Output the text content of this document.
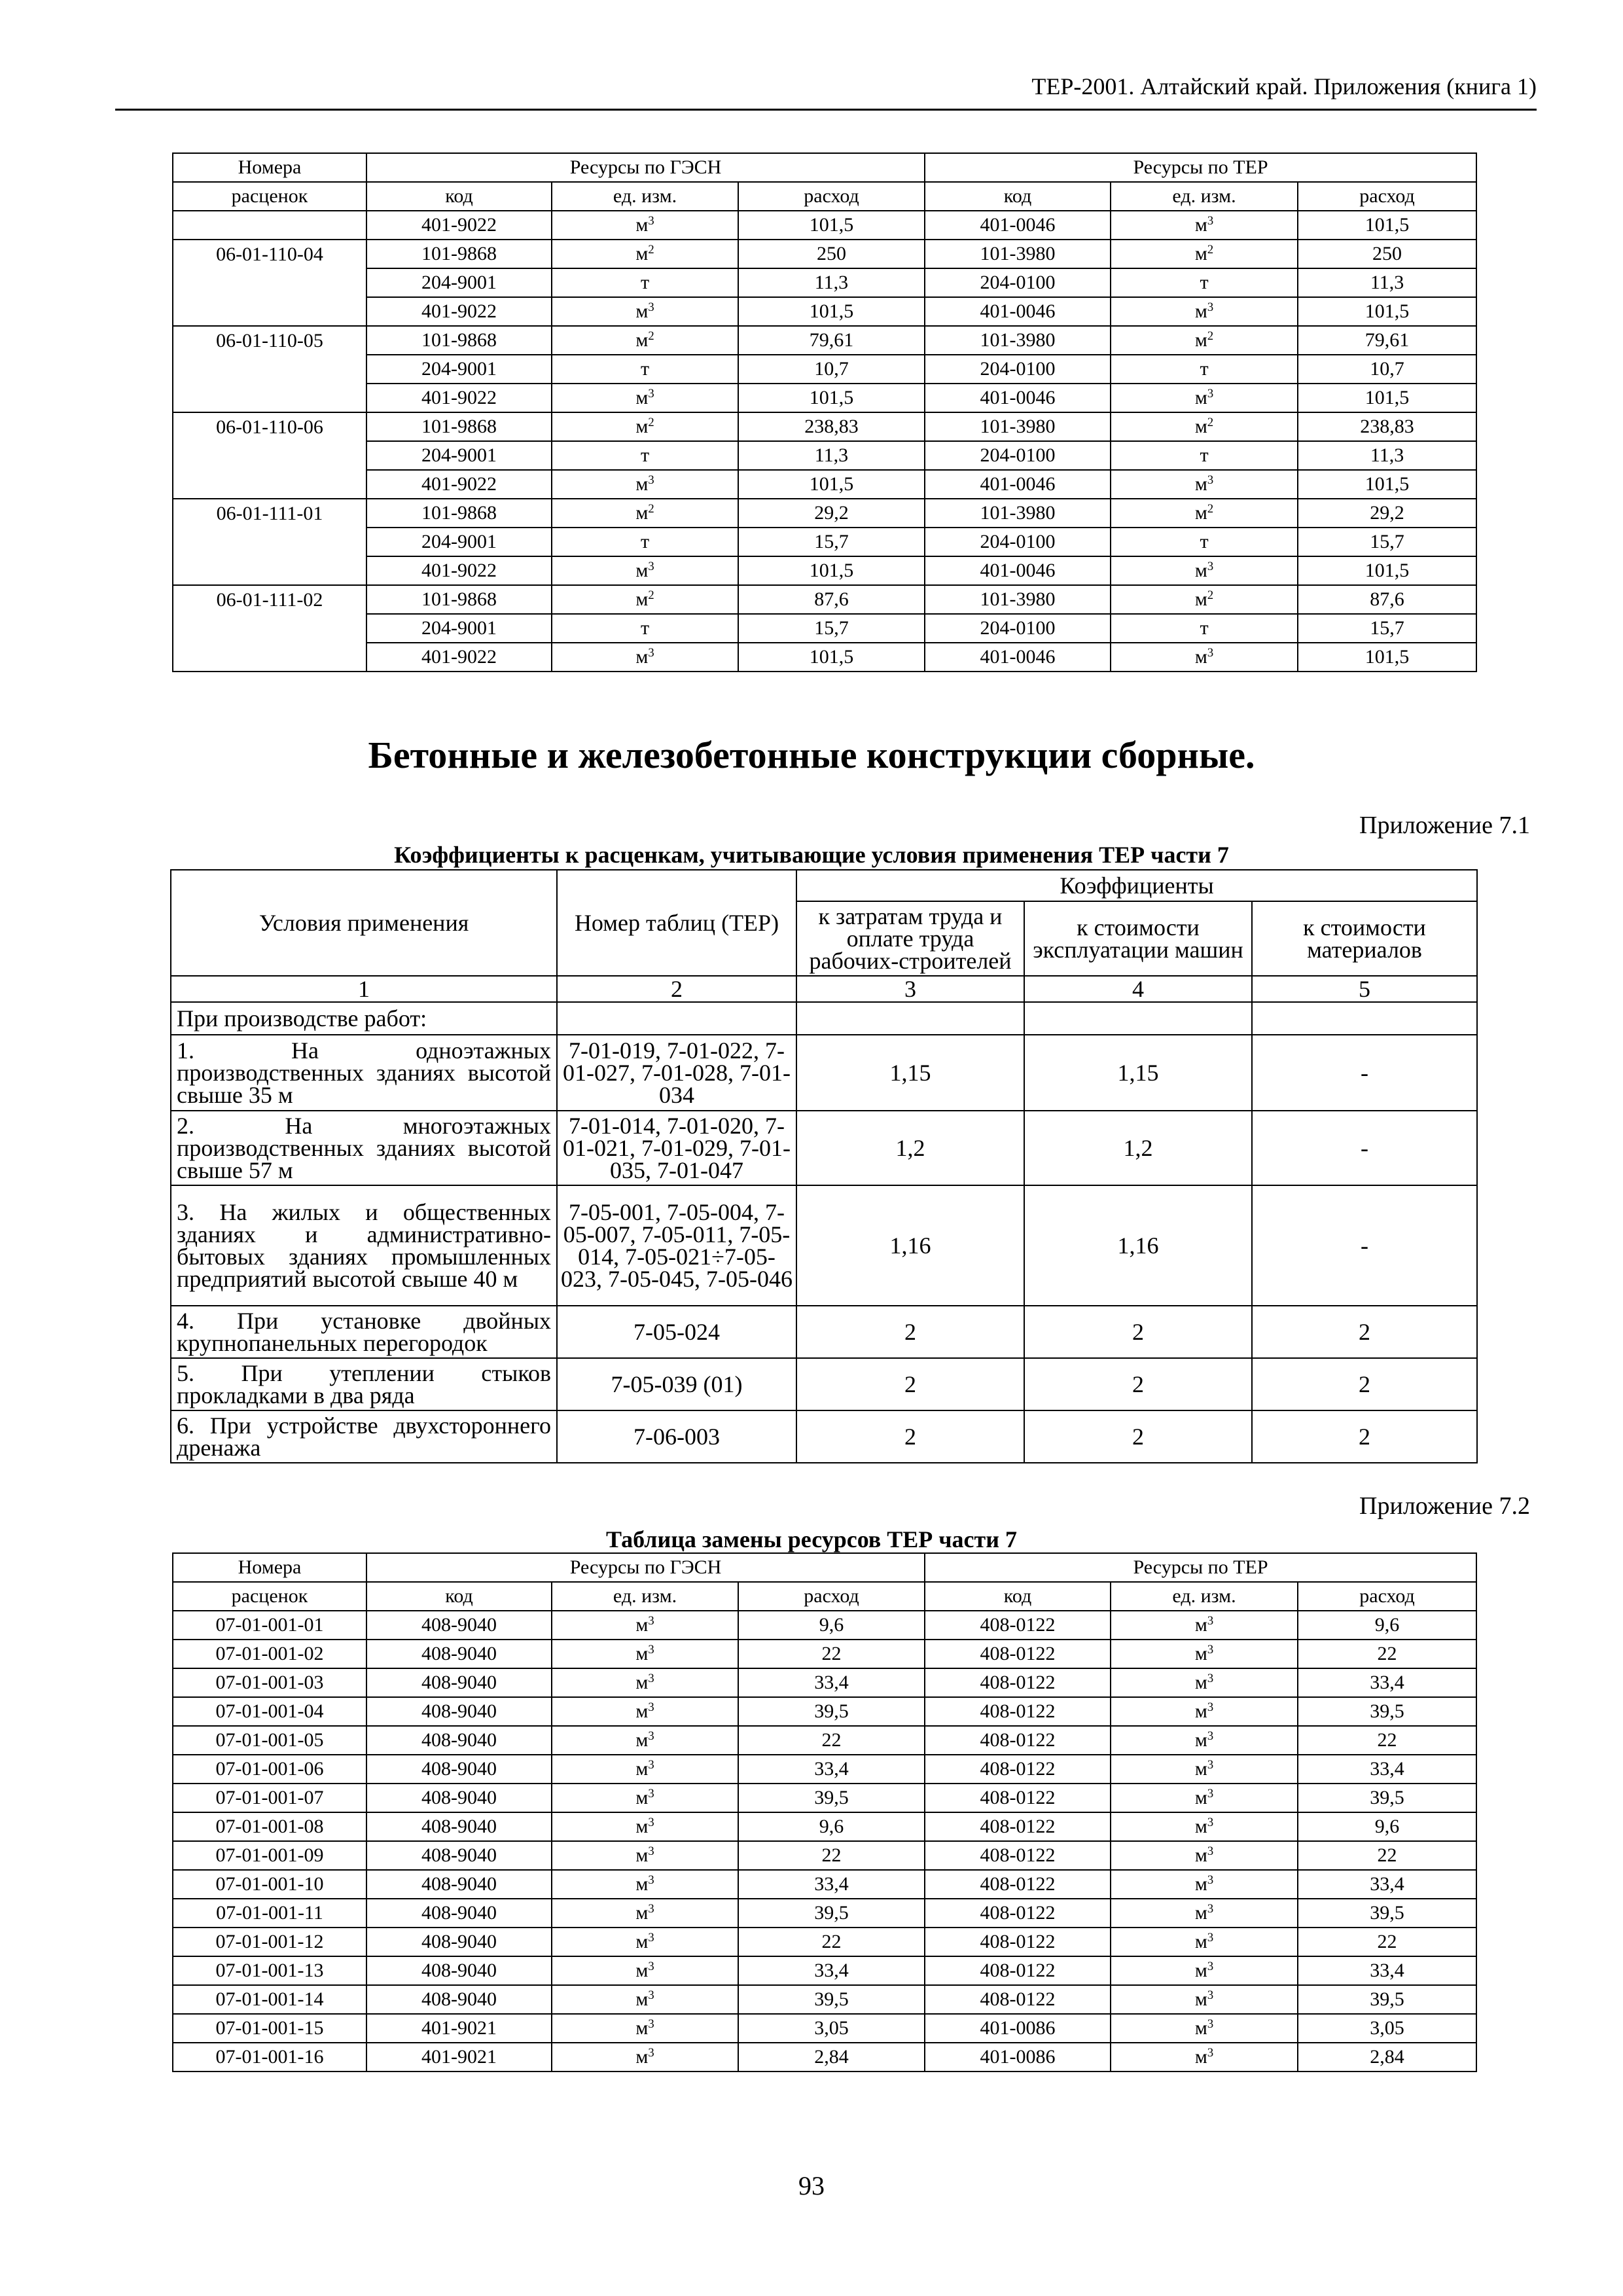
ТЕР-2001. Алтайский край. Приложения (книга 1)
Номера	Ресурсы по ГЭСН			Ресурсы по ТЕР		
расценок	код	ед. изм.	расход	код	ед. изм.	расход
	401-9022	$м^3$	101,5	401-0046	$м^3$	101,5
06-01-110-04	101-9868	$м^2$	250	101-3980	$м^2$	250
	204-9001	т	11,3	204-0100	т	11,3
	401-9022	$м^3$	101,5	401-0046	$м^3$	101,5
06-01-110-05	101-9868	$м^2$	79,61	101-3980	$м^2$	79,61
	204-9001	т	10,7	204-0100	т	10,7
	401-9022	$м^3$	101,5	401-0046	$м^3$	101,5
06-01-110-06	101-9868	$м^2$	238,83	101-3980	$м^2$	238,83
	204-9001	т	11,3	204-0100	т	11,3
	401-9022	$м^3$	101,5	401-0046	$м^3$	101,5
06-01-111-01	101-9868	$м^2$	29,2	101-3980	$м^2$	29,2
	204-9001	т	15,7	204-0100	т	15,7
	401-9022	$м^3$	101,5	401-0046	$м^3$	101,5
06-01-111-02	101-9868	$м^2$	87,6	101-3980	$м^2$	87,6
	204-9001	т	15,7	204-0100	т	15,7
	401-9022	$м^3$	101,5	401-0046	$м^3$	101,5
Бетонные и железобетонные конструкции сборные.
Приложение 7.1
Коэффициенты к расценкам, учитывающие условия применения ТЕР части 7
Условия применения	Номер таблиц (ТЕР)	Коэффициенты		
		к затратам труда и оплате труда рабочих-строителей	к стоимости эксплуатации машин	к стоимости материалов
1	2	3	4	5
При производстве работ:				
1. На одноэтажных производственных зданиях высотой свыше 35 м	7-01-019, 7-01-022, 7-01-027, 7-01-028, 7-01-034	1,15	1,15	-
2. На многоэтажных производственных зданиях высотой свыше 57 м	7-01-014, 7-01-020, 7-01-021, 7-01-029, 7-01-035, 7-01-047	1,2	1,2	-
3. На жилых и общественных зданиях и административно-бытовых зданиях промышленных предприятий высотой свыше 40 м	7-05-001, 7-05-004, 7-05-007, 7-05-011, 7-05-014, 7-05-021÷7-05-023, 7-05-045, 7-05-046	1,16	1,16	-
4. При установке двойных крупнопанельных перегородок	7-05-024	2	2	2
5. При утеплении стыков прокладками в два ряда	7-05-039 (01)	2	2	2
6. При устройстве двухстороннего дренажа	7-06-003	2	2	2
Приложение 7.2
Таблица замены ресурсов ТЕР части 7
Номера	Ресурсы по ГЭСН			Ресурсы по ТЕР		
расценок	код	ед. изм.	расход	код	ед. изм.	расход
07-01-001-01	408-9040	$м^3$	9,6	408-0122	$м^3$	9,6
07-01-001-02	408-9040	$м^3$	22	408-0122	$м^3$	22
07-01-001-03	408-9040	$м^3$	33,4	408-0122	$м^3$	33,4
07-01-001-04	408-9040	$м^3$	39,5	408-0122	$м^3$	39,5
07-01-001-05	408-9040	$м^3$	22	408-0122	$м^3$	22
07-01-001-06	408-9040	$м^3$	33,4	408-0122	$м^3$	33,4
07-01-001-07	408-9040	$м^3$	39,5	408-0122	$м^3$	39,5
07-01-001-08	408-9040	$м^3$	9,6	408-0122	$м^3$	9,6
07-01-001-09	408-9040	$м^3$	22	408-0122	$м^3$	22
07-01-001-10	408-9040	$м^3$	33,4	408-0122	$м^3$	33,4
07-01-001-11	408-9040	$м^3$	39,5	408-0122	$м^3$	39,5
07-01-001-12	408-9040	$м^3$	22	408-0122	$м^3$	22
07-01-001-13	408-9040	$м^3$	33,4	408-0122	$м^3$	33,4
07-01-001-14	408-9040	$м^3$	39,5	408-0122	$м^3$	39,5
07-01-001-15	401-9021	$м^3$	3,05	401-0086	$м^3$	3,05
07-01-001-16	401-9021	$м^3$	2,84	401-0086	$м^3$	2,84
93
